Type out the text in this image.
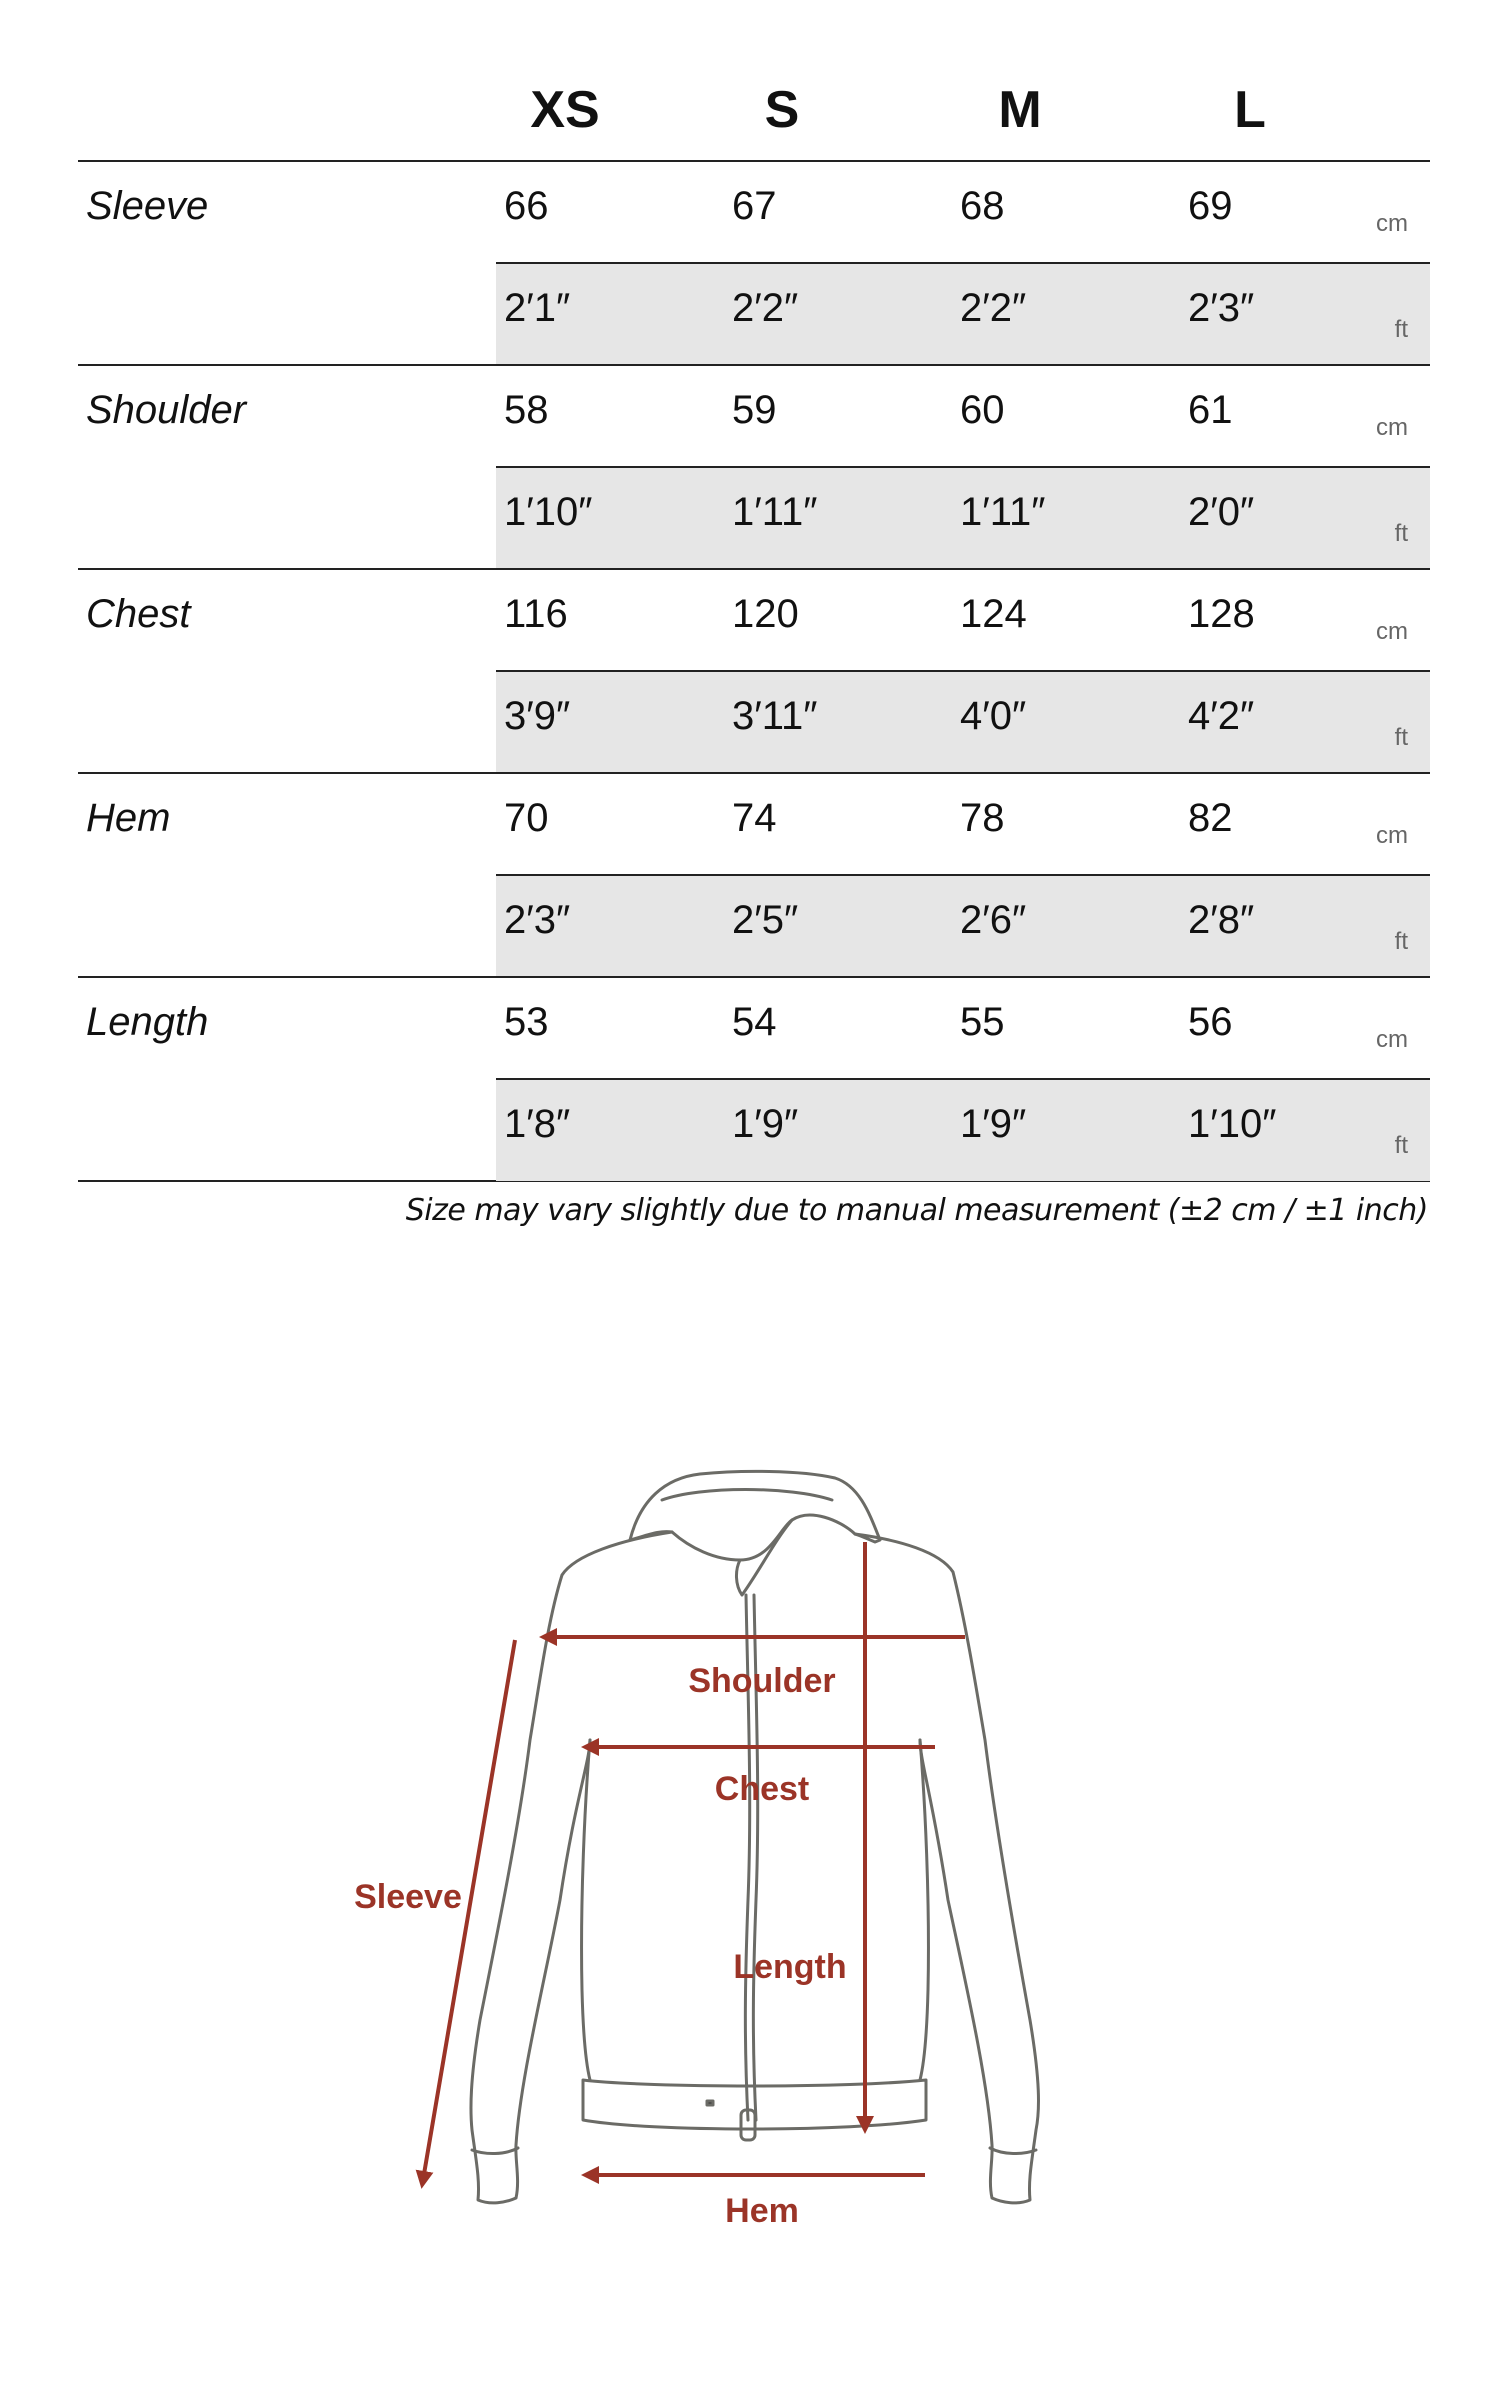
XS	S	M	L
Sleeve	66	67	68	69	cm
2′1″	2′2″	2′2″	2′3″	ft
Shoulder	58	59	60	61	cm
1′10″	1′11″	1′11″	2′0″	ft
Chest	116	120	124	128	cm
3′9″	3′11″	4′0″	4′2″	ft
Hem	70	74	78	82	cm
2′3″	2′5″	2′6″	2′8″	ft
Length	53	54	55	56	cm
1′8″	1′9″	1′9″	1′10″	ft
Size may vary slightly due to manual measurement (±2 cm / ±1 inch)
Shoulder
Chest
Sleeve
Length
Hem
